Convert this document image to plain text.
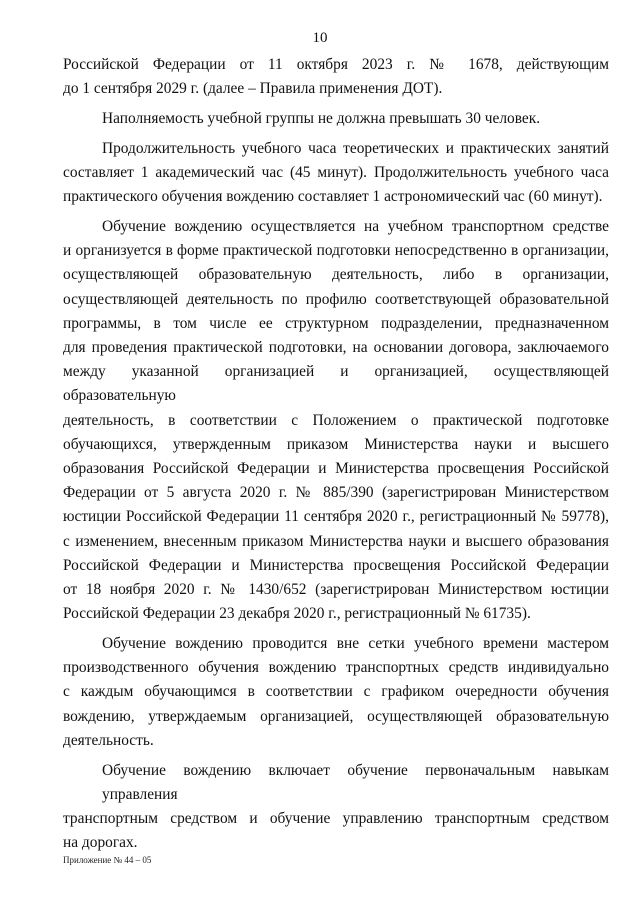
10
Российской Федерации от 11 октября 2023 г. № 1678, действующим
до 1 сентября 2029 г. (далее – Правила применения ДОТ).
Наполняемость учебной группы не должна превышать 30 человек.
Продолжительность учебного часа теоретических и практических занятий
составляет 1 академический час (45 минут). Продолжительность учебного часа
практического обучения вождению составляет 1 астрономический час (60 минут).
Обучение вождению осуществляется на учебном транспортном средстве
и организуется в форме практической подготовки непосредственно в организации,
осуществляющей образовательную деятельность, либо в организации,
осуществляющей деятельность по профилю соответствующей образовательной
программы, в том числе ее структурном подразделении, предназначенном
для проведения практической подготовки, на основании договора, заключаемого
между указанной организацией и организацией, осуществляющей образовательную
деятельность, в соответствии с Положением о практической подготовке
обучающихся, утвержденным приказом Министерства науки и высшего
образования Российской Федерации и Министерства просвещения Российской
Федерации от 5 августа 2020 г. № 885/390 (зарегистрирован Министерством
юстиции Российской Федерации 11 сентября 2020 г., регистрационный № 59778),
с изменением, внесенным приказом Министерства науки и высшего образования
Российской Федерации и Министерства просвещения Российской Федерации
от 18 ноября 2020 г. № 1430/652 (зарегистрирован Министерством юстиции
Российской Федерации 23 декабря 2020 г., регистрационный № 61735).
Обучение вождению проводится вне сетки учебного времени мастером
производственного обучения вождению транспортных средств индивидуально
с каждым обучающимся в соответствии с графиком очередности обучения
вождению, утверждаемым организацией, осуществляющей образовательную
деятельность.
Обучение вождению включает обучение первоначальным навыкам управления
транспортным средством и обучение управлению транспортным средством
на дорогах.
Приложение № 44 – 05
